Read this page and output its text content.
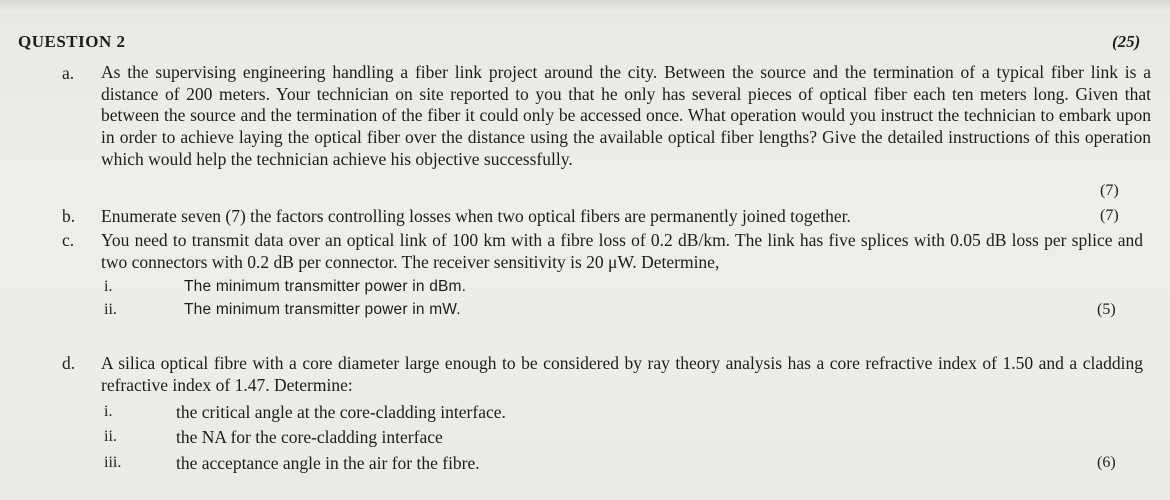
QUESTION 2	(25)
a. As the supervising engineering handling a fiber link project around the city. Between the source and the termination of a typical fiber link is a distance of 200 meters. Your technician on site reported to you that he only has several pieces of optical fiber each ten meters long. Given that between the source and the termination of the fiber it could only be accessed once. What operation would you instruct the technician to embark upon in order to achieve laying the optical fiber over the distance using the available optical fiber lengths? Give the detailed instructions of this operation which would help the technician achieve his objective successfully.
(7)
b. Enumerate seven (7) the factors controlling losses when two optical fibers are permanently joined together.	(7)
c. You need to transmit data over an optical link of 100 km with a fibre loss of 0.2 dB/km. The link has five splices with 0.05 dB loss per splice and two connectors with 0.2 dB per connector. The receiver sensitivity is 20 μW. Determine,
i.	The minimum transmitter power in dBm.
ii.	The minimum transmitter power in mW.	(5)
d. A silica optical fibre with a core diameter large enough to be considered by ray theory analysis has a core refractive index of 1.50 and a cladding refractive index of 1.47. Determine:
i.	the critical angle at the core-cladding interface.
ii.	the NA for the core-cladding interface
iii.	the acceptance angle in the air for the fibre.	(6)
